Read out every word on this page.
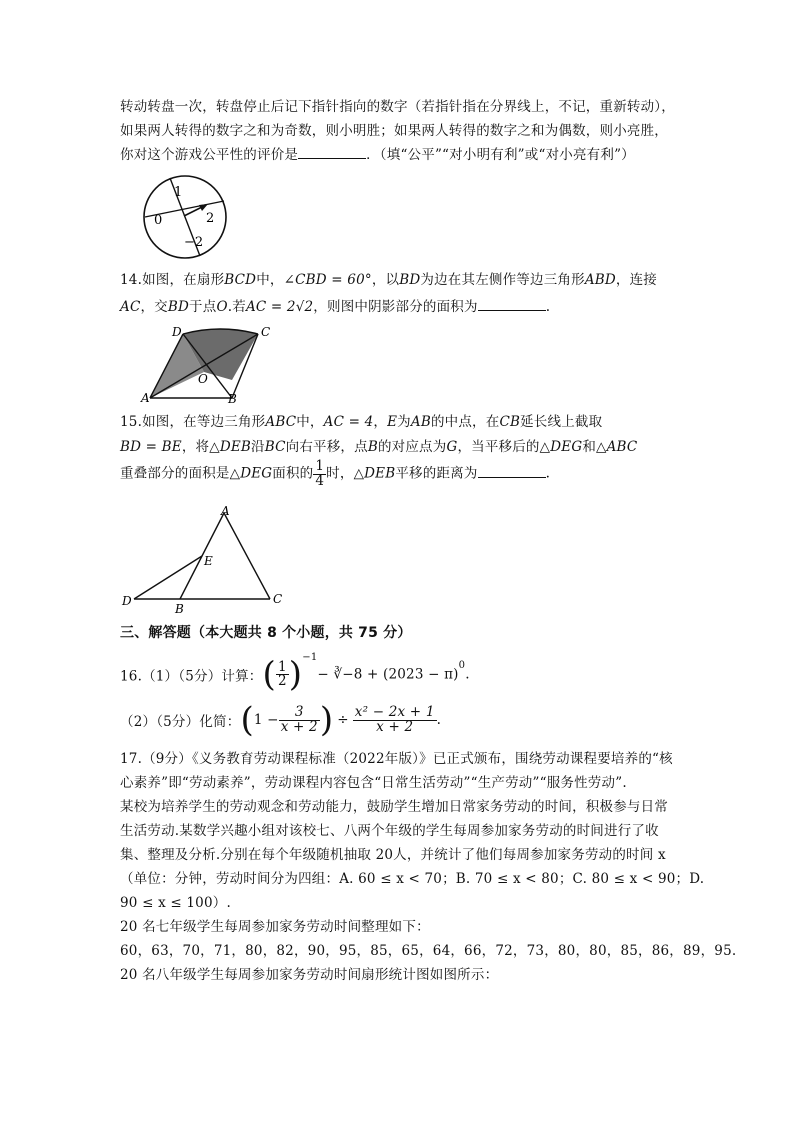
转动转盘一次，转盘停止后记下指针指向的数字（若指针指在分界线上，不记，重新转动），
如果两人转得的数字之和为奇数，则小明胜；如果两人转得的数字之和为偶数，则小亮胜，
你对这个游戏公平性的评价是	．（填“公平”“对小明有利”或“对小亮有利”）
1
2
0
−2
14.如图，在扇形BCD中，∠CBD = 60°，以BD为边在其左侧作等边三角形ABD，连接
AC，交BD于点O.若AC = 2√2，则图中阴影部分的面积为	.
D	C
O
A	B
15.如图，在等边三角形ABC中，AC = 4，E为AB的中点，在CB延长线上截取
BD = BE，将△DEB沿BC向右平移，点B的对应点为G，当平移后的△DEG和△ABC
重叠部分的面积是△DEG面积的 $\frac{1}{4}$ 时，△DEB平移的距离为	.
A
E
D
B
C
三、解答题（本大题共 8 个小题，共 75 分）
16.（1）（5分）计算：( $\frac{1}{2} )^{-1}-$ ∛−8 + $(2023 - \pi)^0$.
（2）（5分）化简：($1 - \frac{3}{x + 2}$ ) ÷ $\frac{\text{x² − 2x + 1}}{x + 2}$ .
17.（9分）《义务教育劳动课程标准（2022年版）》已正式颁布，围绕劳动课程要培养的“核
心素养”即“劳动素养”，劳动课程内容包含“日常生活劳动”“生产劳动”“服务性劳动”.
某校为培养学生的劳动观念和劳动能力，鼓励学生增加日常家务劳动的时间，积极参与日常
生活劳动.某数学兴趣小组对该校七、八两个年级的学生每周参加家务劳动的时间进行了收
集、整理及分析.分别在每个年级随机抽取 20人，并统计了他们每周参加家务劳动的时间 x
（单位：分钟，劳动时间分为四组：A. 60 ≤ x < 70；B. 70 ≤ x < 80；C. 80 ≤ x < 90；D.
90 ≤ x ≤ 100）.
20 名七年级学生每周参加家务劳动时间整理如下：
60，63，70，71，80，82，90，95，85，65，64，66，72，73，80，80，85，86，89，95.
20 名八年级学生每周参加家务劳动时间扇形统计图如图所示：
